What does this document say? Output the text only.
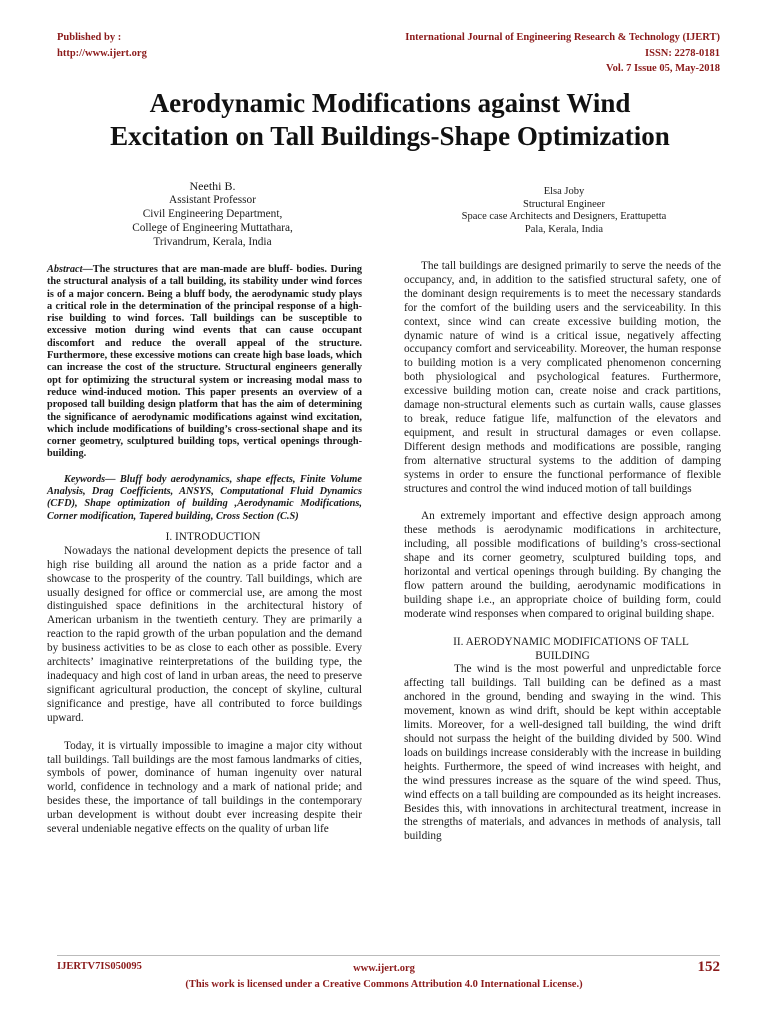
Published by :
http://www.ijert.org
International Journal of Engineering Research & Technology (IJERT)
ISSN: 2278-0181
Vol. 7 Issue 05, May-2018
Aerodynamic Modifications against Wind
Excitation on Tall Buildings-Shape Optimization
Neethi B.
Assistant Professor
Civil Engineering Department,
College of Engineering Muttathara,
Trivandrum, Kerala, India
Elsa Joby
Structural Engineer
Space case Architects and Designers, Erattupetta
Pala, Kerala, India

Abstract—The structures that are man-made are bluff- bodies. During the structural analysis of a tall building, its stability under wind forces is of a major concern. Being a bluff body, the aerodynamic study plays a critical role in the determination of the principal response of a high-rise building to wind forces. Tall buildings can be susceptible to excessive motion during wind events that can cause occupant discomfort and reduce the overall appeal of the structure. Furthermore, these excessive motions can create high base loads, which can increase the cost of the structure. Structural engineers generally opt for optimizing the structural system or increasing modal mass to reduce wind-induced motion. This paper presents an overview of a proposed tall building design platform that has the aim of determining the significance of aerodynamic modifications against wind excitation, which include modifications of building’s cross-sectional shape and its corner geometry, sculptured building tops, vertical openings through-building.

Keywords— Bluff body aerodynamics, shape effects, Finite Volume Analysis, Drag Coefficients, ANSYS, Computational Fluid Dynamics (CFD), Shape optimization of building ,Aerodynamic Modifications, Corner modification, Tapered building, Cross Section (C.S)

I. INTRODUCTION

Nowadays the national development depicts the presence of tall high rise building all around the nation as a pride factor and a showcase to the prosperity of the country. Tall buildings, which are usually designed for office or commercial use, are among the most distinguished space definitions in the architectural history of American urbanism in the twentieth century. They are primarily a reaction to the rapid growth of the urban population and the demand by business activities to be as close to each other as possible. Every architects’ imaginative reinterpretations of the building type, the inadequacy and high cost of land in urban areas, the need to preserve significant agricultural production, the concept of skyline, cultural significance and prestige, have all contributed to force buildings upward.

Today, it is virtually impossible to imagine a major city without tall buildings. Tall buildings are the most famous landmarks of cities, symbols of power, dominance of human ingenuity over natural world, confidence in technology and a mark of national pride; and besides these, the importance of tall buildings in the contemporary urban development is without doubt ever increasing despite their several undeniable negative effects on the quality of urban life

The tall buildings are designed primarily to serve the needs of the occupancy, and, in addition to the satisfied structural safety, one of the dominant design requirements is to meet the necessary standards for the comfort of the building users and the serviceability. In this context, since wind can create excessive building motion, the dynamic nature of wind is a critical issue, negatively affecting occupancy comfort and serviceability. Moreover, the human response to building motion is a very complicated phenomenon concerning both physiological and psychological features. Furthermore, excessive building motion can, create noise and crack partitions, damage non-structural elements such as curtain walls, cause glasses to break, reduce fatigue life, malfunction of the elevators and equipment, and result in structural damages or even collapse. Different design methods and modifications are possible, ranging from alternative structural systems to the addition of damping systems in order to ensure the functional performance of flexible structures and control the wind induced motion of tall buildings

An extremely important and effective design approach among these methods is aerodynamic modifications in architecture, including, all possible modifications of building’s cross-sectional shape and its corner geometry, sculptured building tops, and horizontal and vertical openings through building. By changing the flow pattern around the building, aerodynamic modifications in building shape i.e., an appropriate choice of building form, could moderate wind responses when compared to original building shape.

II. AERODYNAMIC MODIFICATIONS OF TALL
BUILDING

The wind is the most powerful and unpredictable force affecting tall buildings. Tall building can be defined as a mast anchored in the ground, bending and swaying in the wind. This movement, known as wind drift, should be kept within acceptable limits. Moreover, for a well-designed tall building, the wind drift should not surpass the height of the building divided by 500. Wind loads on buildings increase considerably with the increase in building heights. Furthermore, the speed of wind increases with height, and the wind pressures increase as the square of the wind speed. Thus, wind effects on a tall building are compounded as its height increases. Besides this, with innovations in architectural treatment, increase in the strengths of materials, and advances in methods of analysis, tall building

IJERTV7IS050095	www.ijert.org
(This work is licensed under a Creative Commons Attribution 4.0 International License.)
152
